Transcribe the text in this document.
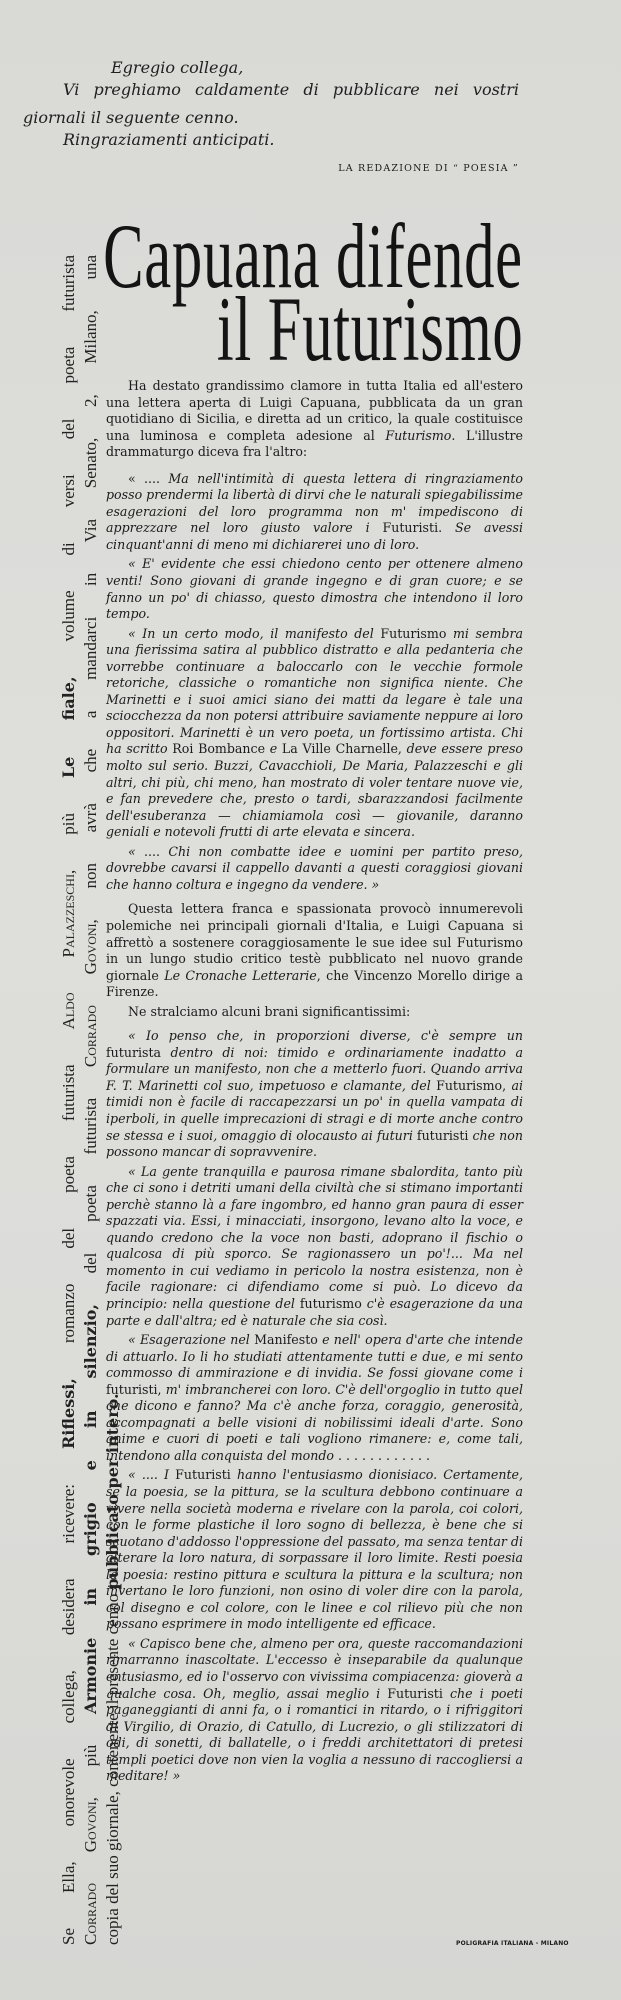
Egregio collega,
Vi preghiamo caldamente di pubblicare nei vostri
giornali il seguente cenno.
Ringraziamenti anticipati.
LA REDAZIONE DI “ POESIA ”
Capuana difende
il Futurismo

Ha destato grandissimo clamore in tutta Italia ed all'estero una lettera aperta di Luigi Capuana, pubblicata da un gran quotidiano di Sicilia, e diretta ad un critico, la quale costituisce una luminosa e completa adesione al Futurismo. L'illustre drammaturgo diceva fra l'altro:

« .... Ma nell'intimità di questa lettera di ringraziamento posso prendermi la libertà di dirvi che le naturali spiegabilissime esagerazioni del loro programma non m' impediscono di apprezzare nel loro giusto valore i Futuristi. Se avessi cinquant'anni di meno mi dichiarerei uno di loro.

« E' evidente che essi chiedono cento per ottenere almeno venti! Sono giovani di grande ingegno e di gran cuore; e se fanno un po' di chiasso, questo dimostra che intendono il loro tempo.

« In un certo modo, il manifesto del Futurismo mi sembra una fierissima satira al pubblico distratto e alla pedanteria che vorrebbe continuare a baloccarlo con le vecchie formole retoriche, classiche o romantiche non significa niente. Che Marinetti e i suoi amici siano dei matti da legare è tale una sciocchezza da non potersi attribuire saviamente neppure ai loro oppositori. Marinetti è un vero poeta, un fortissimo artista. Chi ha scritto Roi Bombance e La Ville Charnelle, deve essere preso molto sul serio. Buzzi, Cavacchioli, De Maria, Palazzeschi e gli altri, chi più, chi meno, han mostrato di voler tentare nuove vie, e fan prevedere che, presto o tardi, sbarazzandosi facilmente dell'esuberanza — chiamiamola così — giovanile, daranno geniali e notevoli frutti di arte elevata e sincera.

« .... Chi non combatte idee e uomini per partito preso, dovrebbe cavarsi il cappello davanti a questi coraggiosi giovani che hanno coltura e ingegno da vendere. »

Questa lettera franca e spassionata provocò innumerevoli polemiche nei principali giornali d'Italia, e Luigi Capuana si affrettò a sostenere coraggiosamente le sue idee sul Futurismo in un lungo studio critico testè pubblicato nel nuovo grande giornale Le Cronache Letterarie, che Vincenzo Morello dirige a Firenze.

Ne stralciamo alcuni brani significantissimi:

« Io penso che, in proporzioni diverse, c'è sempre un futurista dentro di noi: timido e ordinariamente inadatto a formulare un manifesto, non che a metterlo fuori. Quando arriva F. T. Marinetti col suo, impetuoso e clamante, del Futurismo, ai timidi non è facile di raccapezzarsi un po' in quella vampata di iperboli, in quelle imprecazioni di stragi e di morte anche contro se stessa e i suoi, omaggio di olocausto ai futuri futuristi che non possono mancar di sopravvenire.

« La gente tranquilla e paurosa rimane sbalordita, tanto più che ci sono i detriti umani della civiltà che si stimano importanti perchè stanno là a fare ingombro, ed hanno gran paura di esser spazzati via. Essi, i minacciati, insorgono, levano alto la voce, e quando credono che la voce non basti, adoprano il fischio o qualcosa di più sporco. Se ragionassero un po'!... Ma nel momento in cui vediamo in pericolo la nostra esistenza, non è facile ragionare: ci difendiamo come si può. Lo dicevo da principio: nella questione del futurismo c'è esagerazione da una parte e dall'altra; ed è naturale che sia così.

« Esagerazione nel Manifesto e nell' opera d'arte che intende di attuarlo. Io li ho studiati attentamente tutti e due, e mi sento commosso di ammirazione e di invidia. Se fossi giovane come i futuristi, m' imbrancherei con loro. C'è dell'orgoglio in tutto quel che dicono e fanno? Ma c'è anche forza, coraggio, generosità, accompagnati a belle visioni di nobilissimi ideali d'arte. Sono anime e cuori di poeti e tali vogliono rimanere: e, come tali, intendono alla conquista del mondo . . . . . . . . . . . .

« .... I Futuristi hanno l'entusiasmo dionisiaco. Certamente, se la poesia, se la pittura, se la scultura debbono continuare a vivere nella società moderna e rivelare con la parola, coi colori, con le forme plastiche il loro sogno di bellezza, è bene che si scuotano d'addosso l'oppressione del passato, ma senza tentar di alterare la loro natura, di sorpassare il loro limite. Resti poesia la poesia: restino pittura e scultura la pittura e la scultura; non invertano le loro funzioni, non osino di voler dire con la parola, col disegno e col colore, con le linee e col rilievo più che non possano esprimere in modo intelligente ed efficace.

« Capisco bene che, almeno per ora, queste raccomandazioni rimarranno inascoltate. L'eccesso è inseparabile da qualunque entusiasmo, ed io l'osservo con vivissima compiacenza: gioverà a qualche cosa. Oh, meglio, assai meglio i Futuristi che i poeti paganeggianti di anni fa, o i romantici in ritardo, o i rifriggitori di Virgilio, di Orazio, di Catullo, di Lucrezio, o gli stilizzatori di odi, di sonetti, di ballatelle, o i freddi architettatori di pretesi templi poetici dove non vien la voglia a nessuno di raccogliersi a meditare! »

Se Ella, onorevole collega, desidera ricevere: Riflessi, romanzo del poeta futurista Aldo Palazzeschi, più Le fiale, volume di versi del poeta futurista
Corrado Govoni, più Armonie in grigio e in silenzio, del poeta futurista Corrado Govoni, non avrà che a mandarci in Via Senato, 2, Milano, una
copia del suo giornale, contenente il presente cenno pubblicato per intero.
POLIGRAFIA ITALIANA - MILANO
